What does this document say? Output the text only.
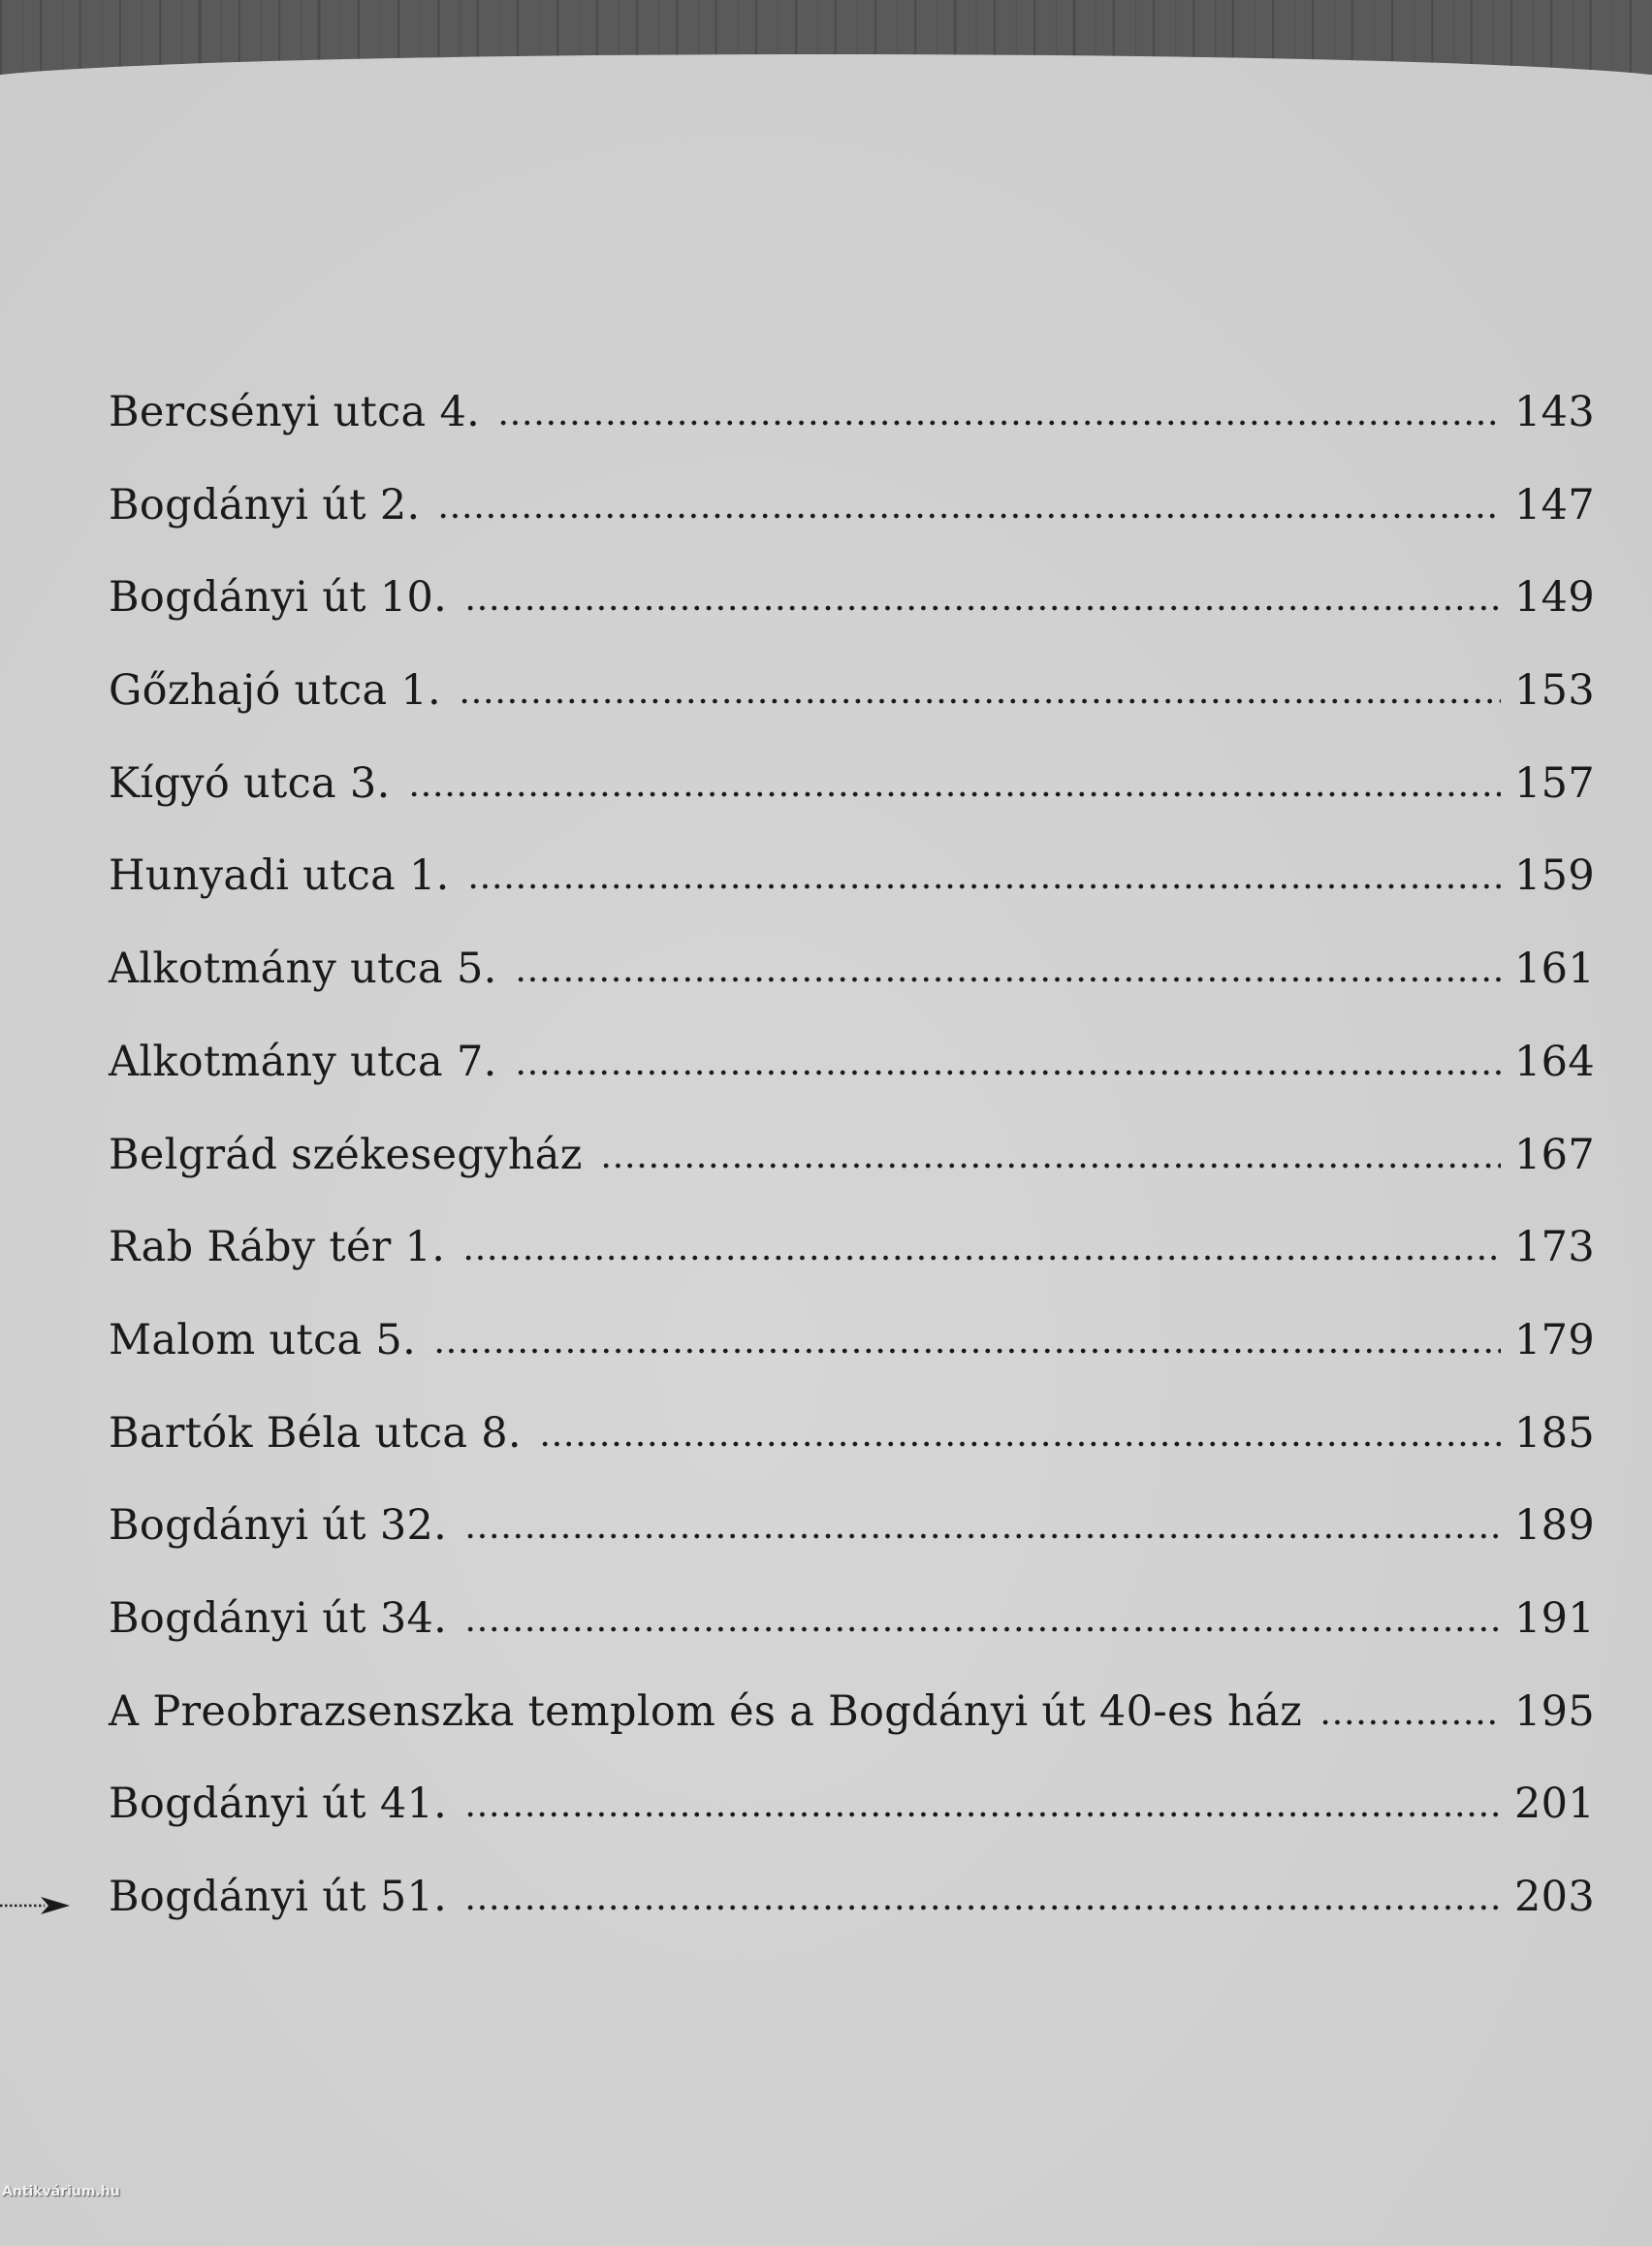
Bercsényi utca 4.	143
Bogdányi út 2.	147
Bogdányi út 10.	149
Gőzhajó utca 1.	153
Kígyó utca 3.	157
Hunyadi utca 1.	159
Alkotmány utca 5.	161
Alkotmány utca 7.	164
Belgrád székesegyház	167
Rab Ráby tér 1.	173
Malom utca 5.	179
Bartók Béla utca 8.	185
Bogdányi út 32.	189
Bogdányi út 34.	191
A Preobrazsenszka templom és a Bogdányi út 40-es ház	195
Bogdányi út 41.	201
Bogdányi út 51.	203
Antikvárium.hu
